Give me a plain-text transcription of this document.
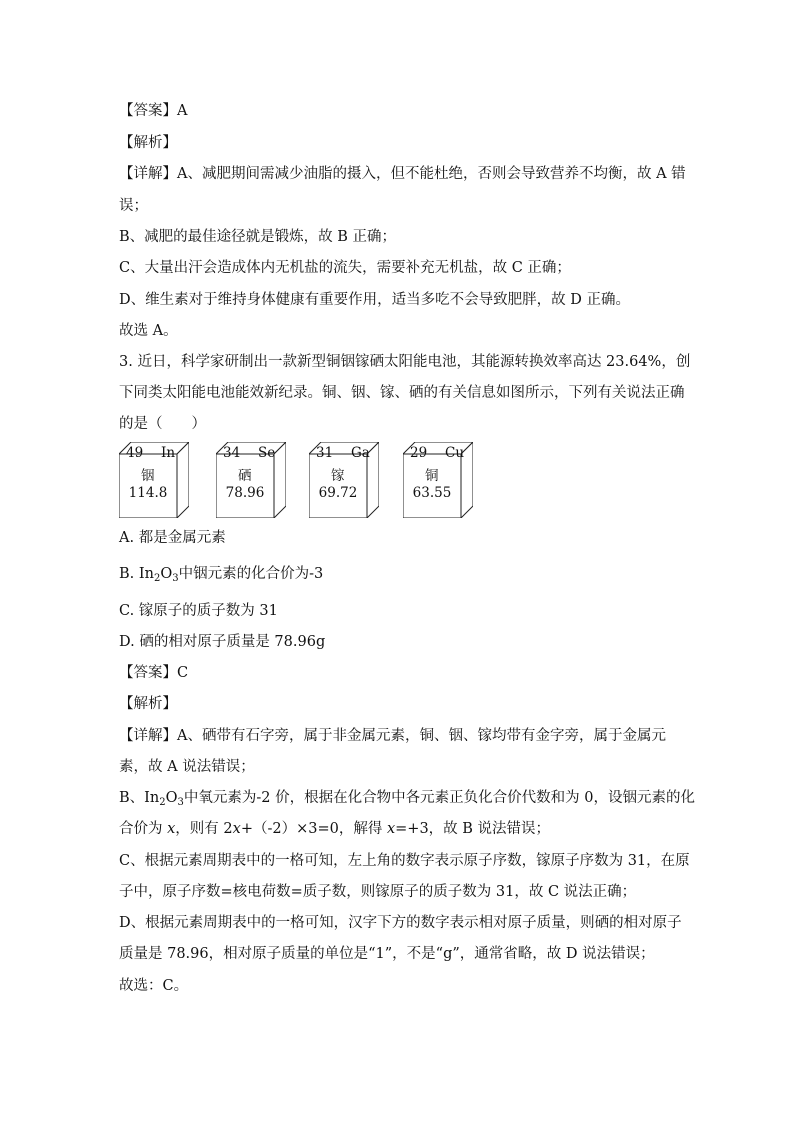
【答案】A
【解析】
【详解】A、减肥期间需减少油脂的摄入，但不能杜绝，否则会导致营养不均衡，故 A 错
误；
B、减肥的最佳途径就是锻炼，故 B 正确；
C、大量出汗会造成体内无机盐的流失，需要补充无机盐，故 C 正确；
D、维生素对于维持身体健康有重要作用，适当多吃不会导致肥胖，故 D 正确。
故选 A。
3. 近日，科学家研制出一款新型铜铟镓硒太阳能电池，其能源转换效率高达 23.64%，创
下同类太阳能电池能效新纪录。铜、铟、镓、硒的有关信息如图所示，下列有关说法正确
的是（　　）
49 In
铟
114.8
34 Se
硒
78.96
31 Ga
镓
69.72
29 Cu
铜
63.55
A. 都是金属元素
B. $In_2O_3$中铟元素的化合价为-3
C. 镓原子的质子数为 31
D. 硒的相对原子质量是 78.96g
【答案】C
【解析】
【详解】A、硒带有石字旁，属于非金属元素，铜、铟、镓均带有金字旁，属于金属元
素，故 A 说法错误；
B、$In_2O_3$中氧元素为-2 价，根据在化合物中各元素正负化合价代数和为 0，设铟元素的化
合价为 x，则有 2x+（-2）×3=0，解得 x=+3，故 B 说法错误；
C、根据元素周期表中的一格可知，左上角的数字表示原子序数，镓原子序数为 31，在原
子中，原子序数=核电荷数=质子数，则镓原子的质子数为 31，故 C 说法正确；
D、根据元素周期表中的一格可知，汉字下方的数字表示相对原子质量，则硒的相对原子
质量是 78.96，相对原子质量的单位是“1”，不是“g”，通常省略，故 D 说法错误；
故选：C。
